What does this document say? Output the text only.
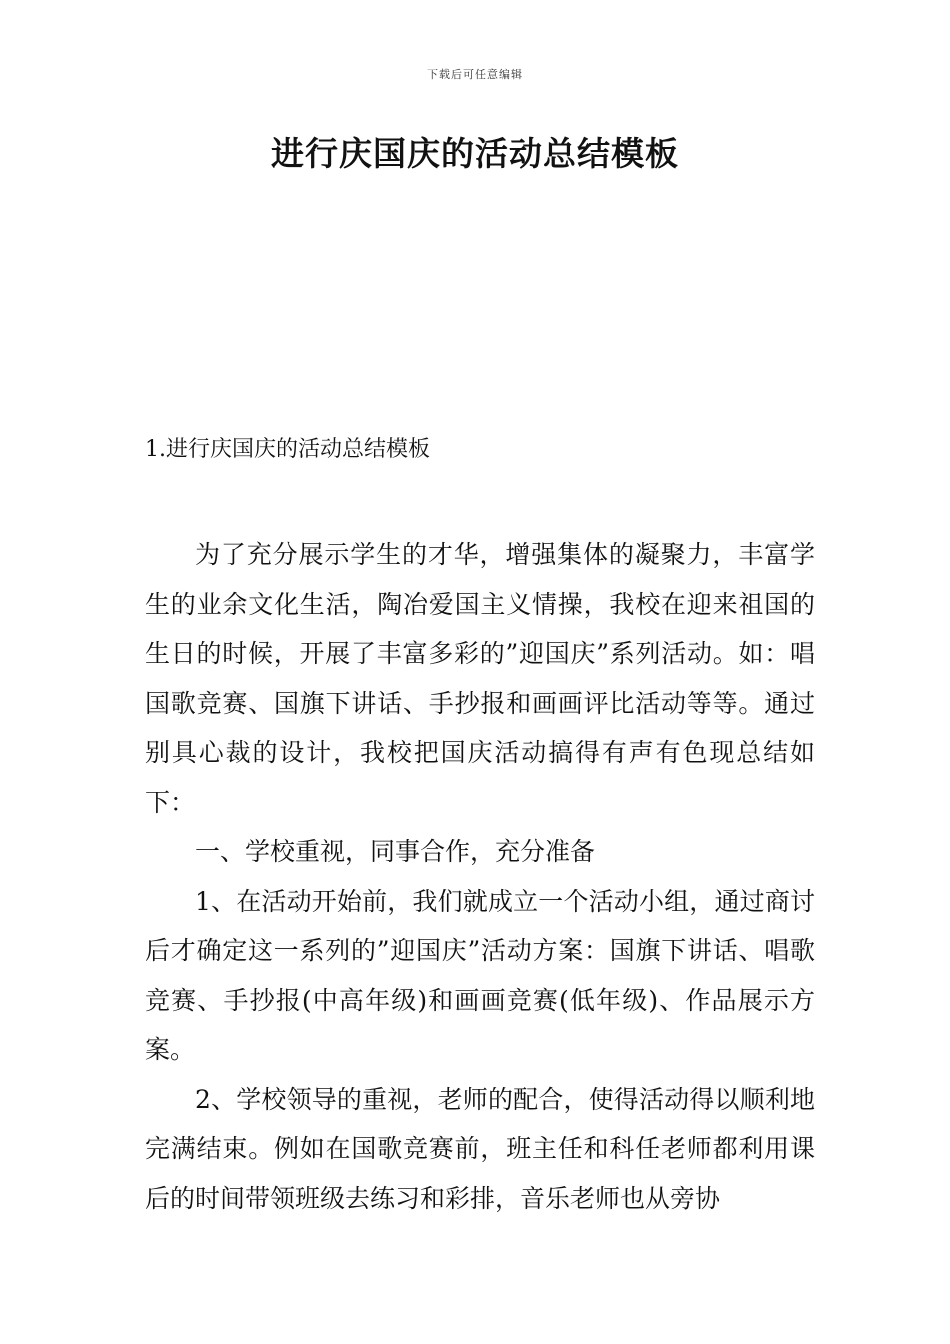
下载后可任意编辑
进行庆国庆的活动总结模板
1.进行庆国庆的活动总结模板

为了充分展示学生的才华，增强集体的凝聚力，丰富学生的业余文化生活，陶冶爱国主义情操，我校在迎来祖国的生日的时候，开展了丰富多彩的”迎国庆”系列活动。如：唱国歌竞赛、国旗下讲话、手抄报和画画评比活动等等。通过别具心裁的设计，我校把国庆活动搞得有声有色现总结如下：

一、学校重视，同事合作，充分准备

1、在活动开始前，我们就成立一个活动小组，通过商讨后才确定这一系列的”迎国庆”活动方案：国旗下讲话、唱歌竞赛、手抄报(中高年级)和画画竞赛(低年级)、作品展示方案。

2、学校领导的重视，老师的配合，使得活动得以顺利地完满结束。例如在国歌竞赛前，班主任和科任老师都利用课后的时间带领班级去练习和彩排，音乐老师也从旁协
